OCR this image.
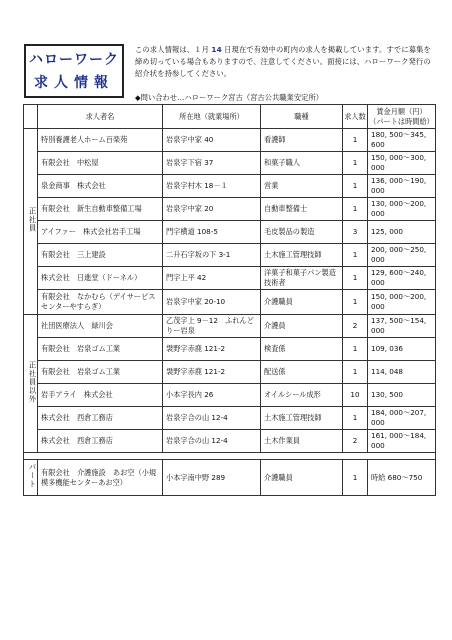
ハローワーク
求人情報
この求人情報は、１月 14 日現在で有効中の町内の求人を掲載しています。すでに募集を締め切っている場合もありますので、注意してください。面接には、ハローワーク発行の紹介状を持参してください。
◆問い合わせ…ハローワーク宮古（宮古公共職業安定所）
	求人者名	所在地（就業場所）	職種	求人数	賃金月額（円）
（パートは時間給）

正社員	特別養護老人ホーム百楽苑	岩泉字中家 40	看護師	1	180, 500～345, 600
	有限会社　中松屋	岩泉字下宿 37	和菓子職人	1	150, 000～300, 000
	泉金商事　株式会社	岩泉字村木 18－１	営業	1	136, 000～190, 000
	有限会社　新生自動車整備工場	岩泉字中家 20	自動車整備士	1	130, 000～200, 000
	アイファー　株式会社岩手工場	門字横道 108-5	毛皮製品の製造	3	125, 000
	有限会社　三上建設	二升石字坂の下 3-1	土木施工管理技師	1	200, 000～250, 000
	株式会社　日進堂（ドーネル）	門字上平 42	洋菓子和菓子パン製造技術者	1	129, 600～240, 000
	有限会社　なかむら（デイサービスセンターやすらぎ）	岩泉字中家 20-10	介護職員	1	150, 000～200, 000
正社員以外	社団医療法人　緑川会	乙茂字上 9－12　ふれんどりー岩泉	介護員	2	137, 500～154, 000
	有限会社　岩泉ゴム工業	袰野字赤鹿 121-2	検査係	1	109, 036
	有限会社　岩泉ゴム工業	袰野字赤鹿 121-2	配送係	1	114, 048
	岩手アライ　株式会社	小本字長内 26	オイルシール成形	10	130, 500
	株式会社　西倉工務店	岩泉字合の山 12-4	土木施工管理技師	1	184, 000～207, 000
	株式会社　西倉工務店	岩泉字合の山 12-4	土木作業員	2	161, 000～184, 000

パート	有限会社　介護施設　あお空（小規模多機能センターあお空）	小本字南中野 289	介護職員	1	時給 680～750
